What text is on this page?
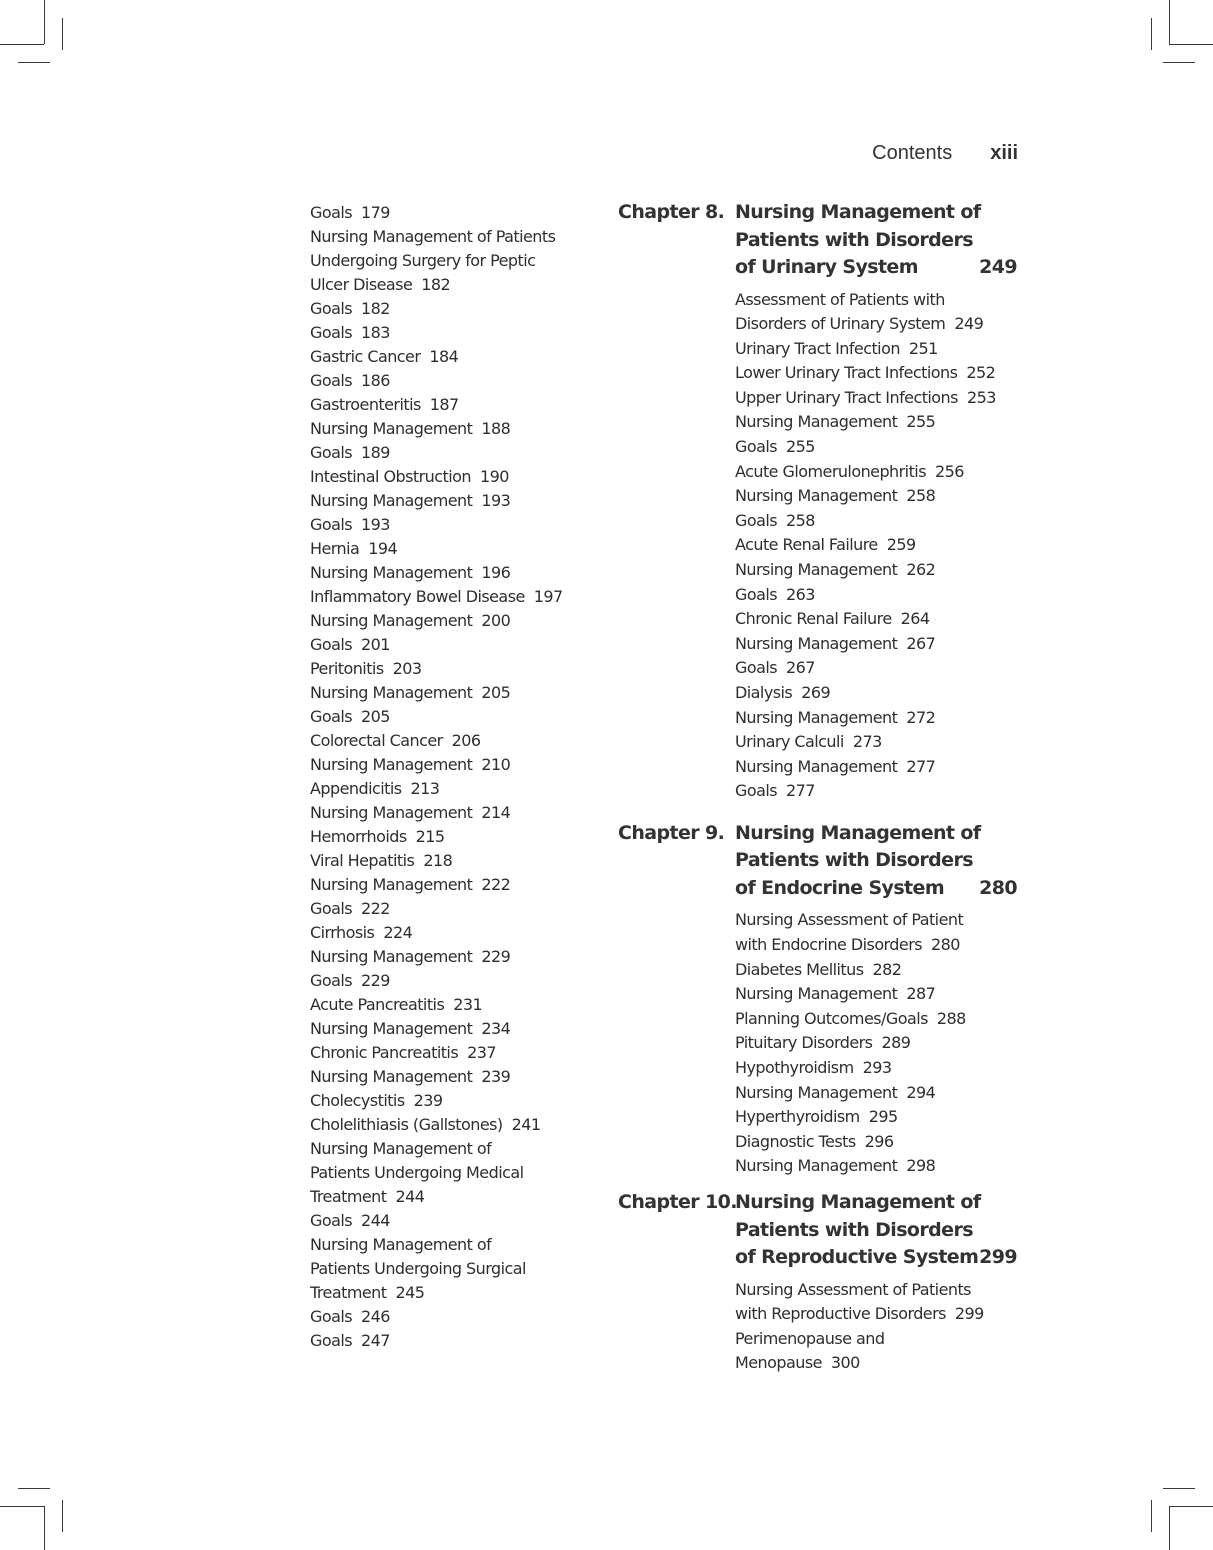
Contents xiii
Goals 179
Nursing Management of Patients
Undergoing Surgery for Peptic
Ulcer Disease 182
Goals 182
Goals 183
Gastric Cancer 184
Goals 186
Gastroenteritis 187
Nursing Management 188
Goals 189
Intestinal Obstruction 190
Nursing Management 193
Goals 193
Hernia 194
Nursing Management 196
Inflammatory Bowel Disease 197
Nursing Management 200
Goals 201
Peritonitis 203
Nursing Management 205
Goals 205
Colorectal Cancer 206
Nursing Management 210
Appendicitis 213
Nursing Management 214
Hemorrhoids 215
Viral Hepatitis 218
Nursing Management 222
Goals 222
Cirrhosis 224
Nursing Management 229
Goals 229
Acute Pancreatitis 231
Nursing Management 234
Chronic Pancreatitis 237
Nursing Management 239
Cholecystitis 239
Cholelithiasis (Gallstones) 241
Nursing Management of
Patients Undergoing Medical
Treatment 244
Goals 244
Nursing Management of
Patients Undergoing Surgical
Treatment 245
Goals 246
Goals 247
Chapter 8. Nursing Management of
Patients with Disorders
of Urinary System	249
Assessment of Patients with
Disorders of Urinary System 249
Urinary Tract Infection 251
Lower Urinary Tract Infections 252
Upper Urinary Tract Infections 253
Nursing Management 255
Goals 255
Acute Glomerulonephritis 256
Nursing Management 258
Goals 258
Acute Renal Failure 259
Nursing Management 262
Goals 263
Chronic Renal Failure 264
Nursing Management 267
Goals 267
Dialysis 269
Nursing Management 272
Urinary Calculi 273
Nursing Management 277
Goals 277
Chapter 9. Nursing Management of
Patients with Disorders
of Endocrine System	280
Nursing Assessment of Patient
with Endocrine Disorders 280
Diabetes Mellitus 282
Nursing Management 287
Planning Outcomes/Goals 288
Pituitary Disorders 289
Hypothyroidism 293
Nursing Management 294
Hyperthyroidism 295
Diagnostic Tests 296
Nursing Management 298
Chapter 10.
Nursing Management of
Patients with Disorders
of Reproductive System 299
Nursing Assessment of Patients
with Reproductive Disorders 299
Perimenopause and
Menopause 300
